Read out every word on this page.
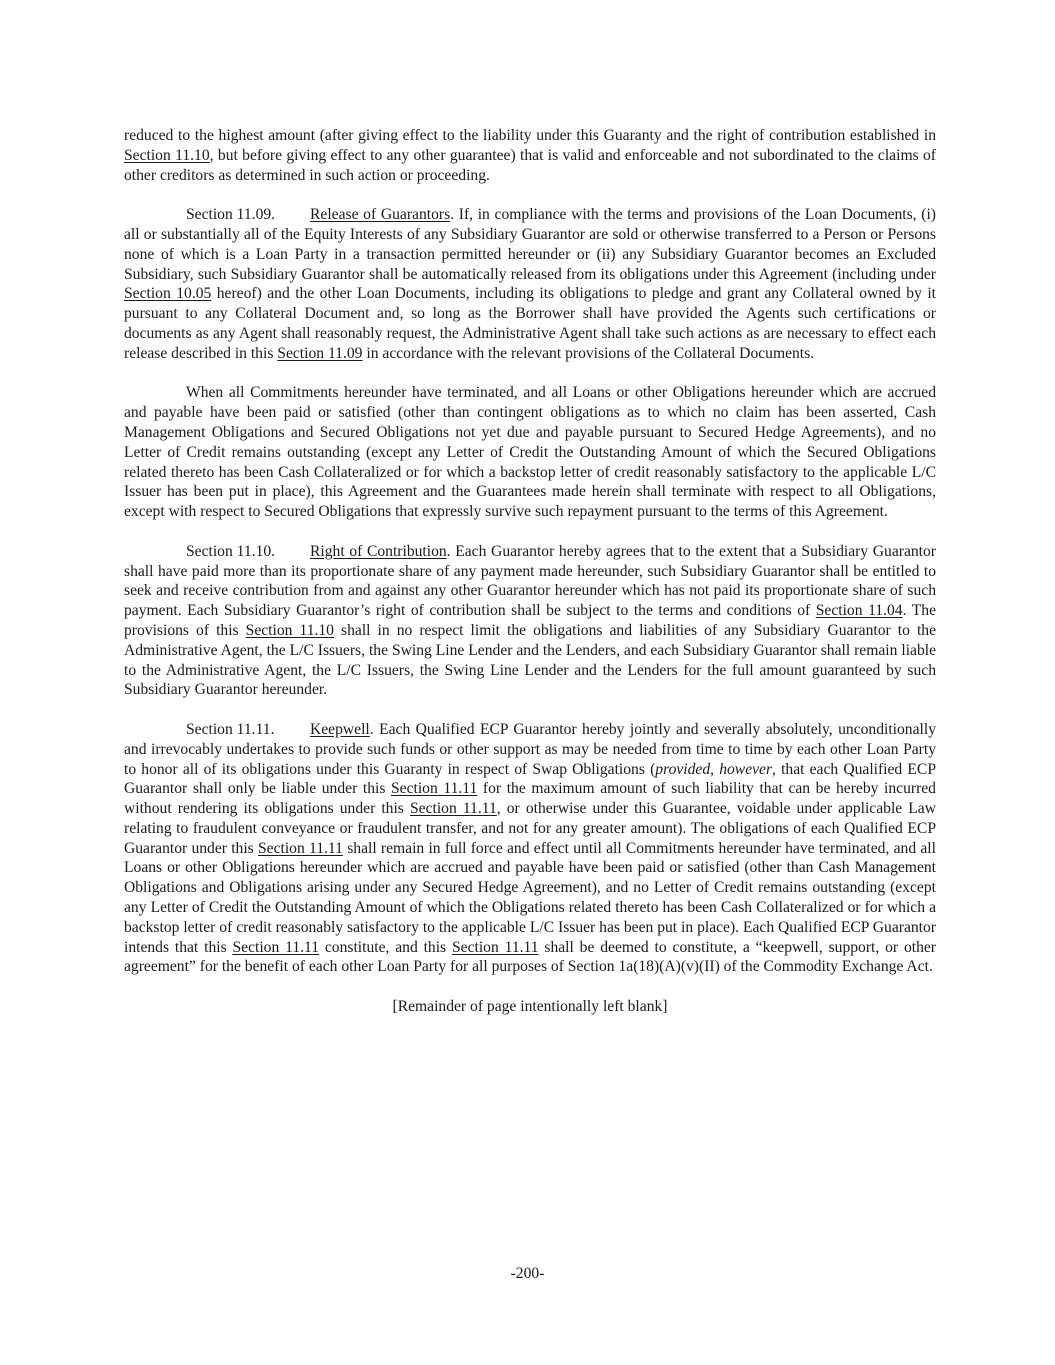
reduced to the highest amount (after giving effect to the liability under this Guaranty and the right of contribution established in Section 11.10, but before giving effect to any other guarantee) that is valid and enforceable and not subordinated to the claims of other creditors as determined in such action or proceeding.

Section 11.09. Release of Guarantors. If, in compliance with the terms and provisions of the Loan Documents, (i) all or substantially all of the Equity Interests of any Subsidiary Guarantor are sold or otherwise transferred to a Person or Persons none of which is a Loan Party in a transaction permitted hereunder or (ii) any Subsidiary Guarantor becomes an Excluded Subsidiary, such Subsidiary Guarantor shall be automatically released from its obligations under this Agreement (including under Section 10.05 hereof) and the other Loan Documents, including its obligations to pledge and grant any Collateral owned by it pursuant to any Collateral Document and, so long as the Borrower shall have provided the Agents such certifications or documents as any Agent shall reasonably request, the Administrative Agent shall take such actions as are necessary to effect each release described in this Section 11.09 in accordance with the relevant provisions of the Collateral Documents.

When all Commitments hereunder have terminated, and all Loans or other Obligations hereunder which are accrued and payable have been paid or satisfied (other than contingent obligations as to which no claim has been asserted, Cash Management Obligations and Secured Obligations not yet due and payable pursuant to Secured Hedge Agreements), and no Letter of Credit remains outstanding (except any Letter of Credit the Outstanding Amount of which the Secured Obligations related thereto has been Cash Collateralized or for which a backstop letter of credit reasonably satisfactory to the applicable L/C Issuer has been put in place), this Agreement and the Guarantees made herein shall terminate with respect to all Obligations, except with respect to Secured Obligations that expressly survive such repayment pursuant to the terms of this Agreement.

Section 11.10. Right of Contribution. Each Guarantor hereby agrees that to the extent that a Subsidiary Guarantor shall have paid more than its proportionate share of any payment made hereunder, such Subsidiary Guarantor shall be entitled to seek and receive contribution from and against any other Guarantor hereunder which has not paid its proportionate share of such payment. Each Subsidiary Guarantor’s right of contribution shall be subject to the terms and conditions of Section 11.04. The provisions of this Section 11.10 shall in no respect limit the obligations and liabilities of any Subsidiary Guarantor to the Administrative Agent, the L/C Issuers, the Swing Line Lender and the Lenders, and each Subsidiary Guarantor shall remain liable to the Administrative Agent, the L/C Issuers, the Swing Line Lender and the Lenders for the full amount guaranteed by such Subsidiary Guarantor hereunder.

Section 11.11. Keepwell. Each Qualified ECP Guarantor hereby jointly and severally absolutely, unconditionally and irrevocably undertakes to provide such funds or other support as may be needed from time to time by each other Loan Party to honor all of its obligations under this Guaranty in respect of Swap Obligations (provided, however, that each Qualified ECP Guarantor shall only be liable under this Section 11.11 for the maximum amount of such liability that can be hereby incurred without rendering its obligations under this Section 11.11, or otherwise under this Guarantee, voidable under applicable Law relating to fraudulent conveyance or fraudulent transfer, and not for any greater amount). The obligations of each Qualified ECP Guarantor under this Section 11.11 shall remain in full force and effect until all Commitments hereunder have terminated, and all Loans or other Obligations hereunder which are accrued and payable have been paid or satisfied (other than Cash Management Obligations and Obligations arising under any Secured Hedge Agreement), and no Letter of Credit remains outstanding (except any Letter of Credit the Outstanding Amount of which the Obligations related thereto has been Cash Collateralized or for which a backstop letter of credit reasonably satisfactory to the applicable L/C Issuer has been put in place). Each Qualified ECP Guarantor intends that this Section 11.11 constitute, and this Section 11.11 shall be deemed to constitute, a “keepwell, support, or other agreement” for the benefit of each other Loan Party for all purposes of Section 1a(18)(A)(v)(II) of the Commodity Exchange Act.

[Remainder of page intentionally left blank]

-200-
